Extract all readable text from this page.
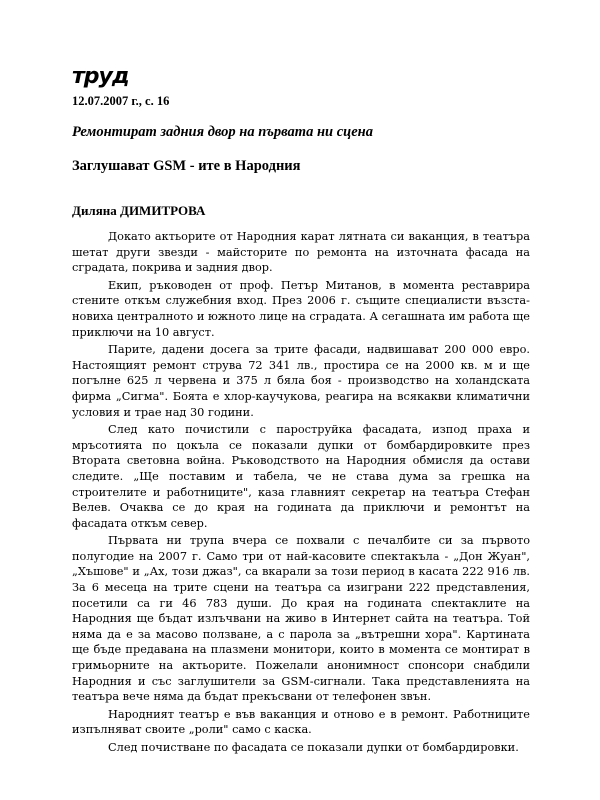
труд
12.07.2007 г., с. 16
Ремонтират задния двор на първата ни сцена
Заглушават GSM - ите в Народния
Диляна ДИМИТРОВА

Докато актьорите от Народния карат лятната си ваканция, в театъра шетат други звезди - майсторите по ремонта на източната фасада на сградата, покрива и задния двор.

Екип, ръководен от проф. Петър Митанов, в момента реставрира стените откъм служебния вход. През 2006 г. същите специалисти възста-новиха централното и южното лице на сградата. А сегашната им работа ще приключи на 10 август.

Парите, дадени досега за трите фасади, надвишават 200 000 евро. Настоящият ремонт струва 72 341 лв., простира се на 2000 кв. м и ще погълне 625 л червена и 375 л бяла боя - производство на холандската фирма „Сигма". Боята е хлор-каучукова, реагира на всякакви климатични условия и трае над 30 години.

След като почистили с пароструйка фасадата, изпод праха и мръсотията по цокъла се показали дупки от бомбардировките през Втората световна война. Ръководството на Народния обмисля да остави следите. „Ще поставим и табела, че не става дума за грешка на строителите и работниците", каза главният секретар на театъра Стефан Велев. Очаква се до края на годината да приключи и ремонтът на фасадата откъм север.

Първата ни трупа вчера се похвали с печалбите си за първото полугодие на 2007 г. Само три от най-касовите спектакъла - „Дон Жуан", „Хъшове" и „Ах, този джаз", са вкарали за този период в касата 222 916 лв. За 6 месеца на трите сцени на театъра са изиграни 222 представления, посетили са ги 46 783 души. До края на годината спектаклите на Народния ще бъдат излъчвани на живо в Интернет сайта на театъра. Той няма да е за масово ползване, а с парола за „вътрешни хора". Картината ще бъде предавана на плазмени монитори, които в момента се монтират в гримьорните на актьорите. Пожелали анонимност спонсори снабдили Народния и със заглушители за GSM-сигнали. Така представленията на театъра вече няма да бъдат прекъсвани от телефонен звън.

Народният театър е във ваканция и отново е в ремонт. Работниците изпълняват своите „роли" само с каска.

След почистване по фасадата се показали дупки от бомбардировки.
